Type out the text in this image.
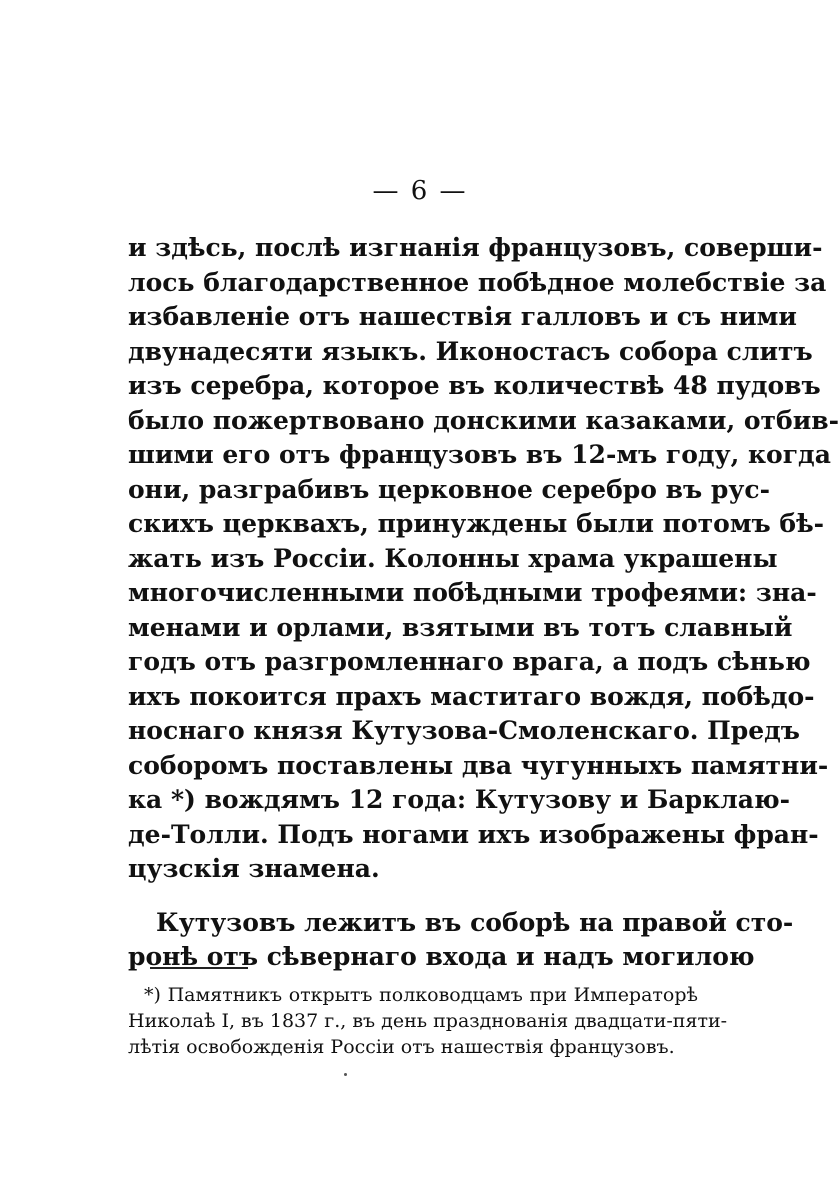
— 6 —
и здѣсь, послѣ изгнанія французовъ, соверши-
лось благодарственное побѣдное молебствіе за
избавленіе отъ нашествія галловъ и съ ними
двунадесяти языкъ. Иконостасъ собора слитъ
изъ серебра, которое въ количествѣ 48 пудовъ
было пожертвовано донскими казаками, отбив-
шими его отъ французовъ въ 12-мъ году, когда
они, разграбивъ церковное серебро въ рус-
скихъ церквахъ, принуждены были потомъ бѣ-
жать изъ Россіи. Колонны храма украшены
многочисленными побѣдными трофеями: зна-
менами и орлами, взятыми въ тотъ славный
годъ отъ разгромленнаго врага, а подъ сѣнью
ихъ покоится прахъ маститаго вождя, побѣдо-
носнаго князя Кутузова-Смоленскаго. Предъ
соборомъ поставлены два чугунныхъ памятни-
ка *) вождямъ 12 года: Кутузову и Барклаю-
де-Толли. Подъ ногами ихъ изображены фран-
цузскія знамена.
Кутузовъ лежитъ въ соборѣ на правой сто-
ронѣ отъ сѣвернаго входа и надъ могилою
*) Памятникъ открытъ полководцамъ при Императорѣ
Николаѣ I, въ 1837 г., въ день празднованія двадцати-пяти-
лѣтія освобожденія Россіи отъ нашествія французовъ.
